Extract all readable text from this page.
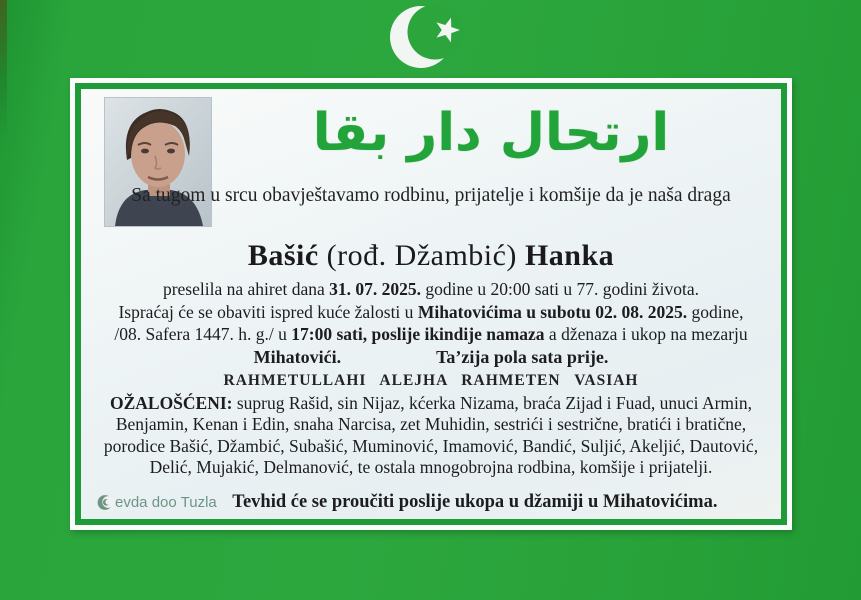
ارتحال دار بقا
Sa tugom u srcu obavještavamo rodbinu, prijatelje i komšije da je naša draga
Bašić (rođ. Džambić) Hanka

preselila na ahiret dana 31. 07. 2025. godine u 20:00 sati u 77. godini života.

Ispraćaj će se obaviti ispred kuće žalosti u Mihatovićima u subotu 02. 08. 2025. godine,

/08. Safera 1447. h. g./ u 17:00 sati, poslije ikindije namaza a dženaza i ukop na mezarju

Mihatovići.	Ta’zija pola sata prije.

RAHMETULLAHI ALEJHA RAHMETEN VASIAH

OŽALOŠĆENI: suprug Rašid, sin Nijaz, kćerka Nizama, braća Zijad i Fuad, unuci Armin,
Benjamin, Kenan i Edin, snaha Narcisa, zet Muhidin, sestrići i sestrične, bratići i bratične,
porodice Bašić, Džambić, Subašić, Muminović, Imamović, Bandić, Suljić, Akeljić, Dautović,
Delić, Mujakić, Delmanović, te ostala mnogobrojna rodbina, komšije i prijatelji.

evda doo Tuzla Tevhid će se proučiti poslije ukopa u džamiji u Mihatovićima.
